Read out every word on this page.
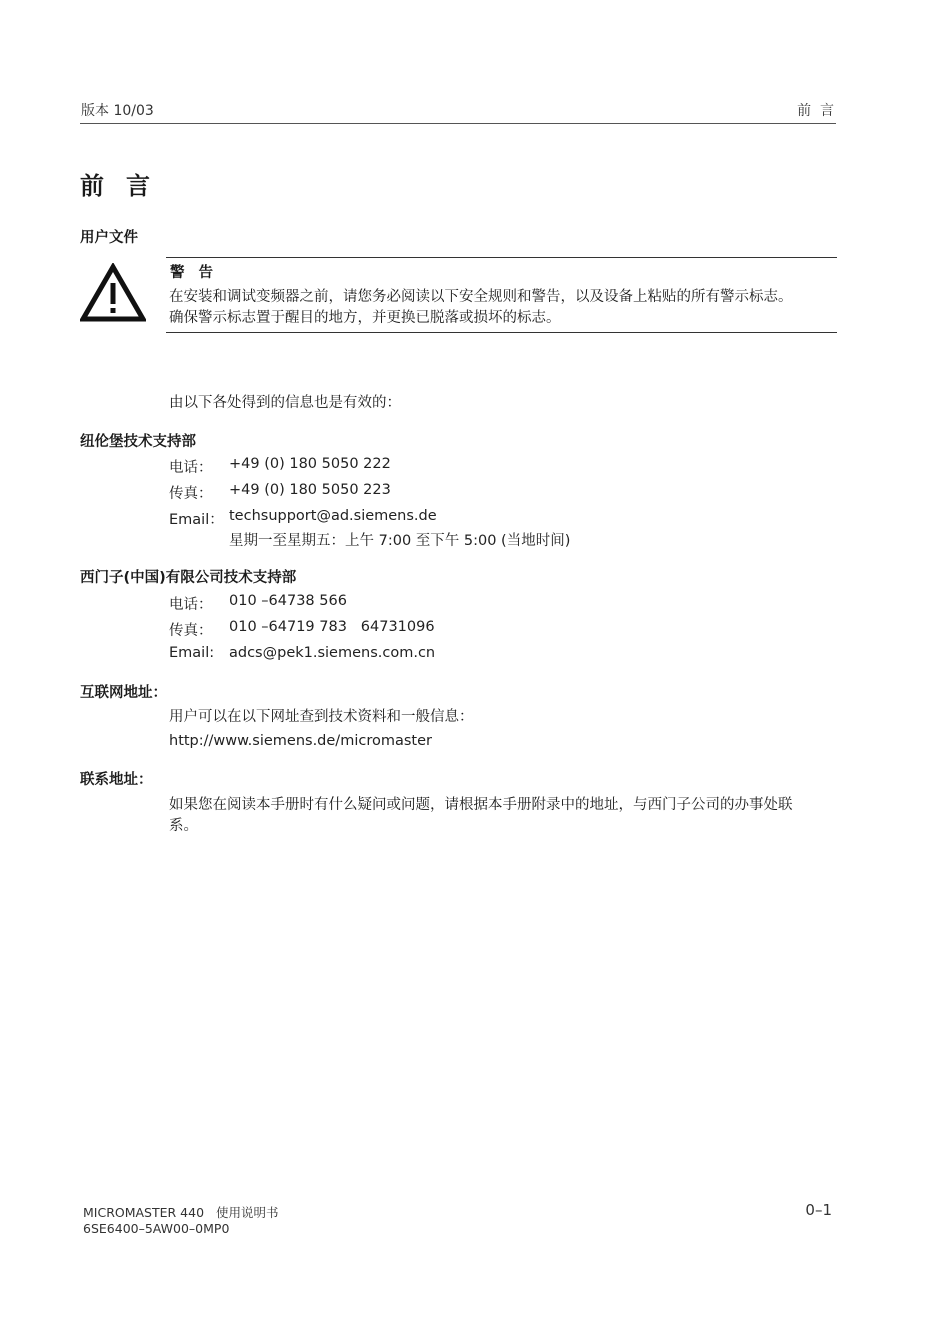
版本 10/03	前  言
前言
用户文件
警告
在安装和调试变频器之前，请您务必阅读以下安全规则和警告，以及设备上粘贴的所有警示标志。
确保警示标志置于醒目的地方，并更换已脱落或损坏的标志。
由以下各处得到的信息也是有效的：
纽伦堡技术支持部
电话： +49 (0) 180 5050 222
传真： +49 (0) 180 5050 223
Email： techsupport@ad.siemens.de
星期一至星期五：上午 7:00 至下午 5:00 (当地时间)
西门子(中国)有限公司技术支持部
电话： 010 –64738 566
传真： 010 –64719 783   64731096
Email: adcs@pek1.siemens.com.cn
互联网地址：
用户可以在以下网址查到技术资料和一般信息：
http://www.siemens.de/micromaster
联系地址：
如果您在阅读本手册时有什么疑问或问题，请根据本手册附录中的地址，与西门子公司的办事处联
系。
MICROMASTER 440   使用说明书
6SE6400–5AW00–0MP0
0–1
